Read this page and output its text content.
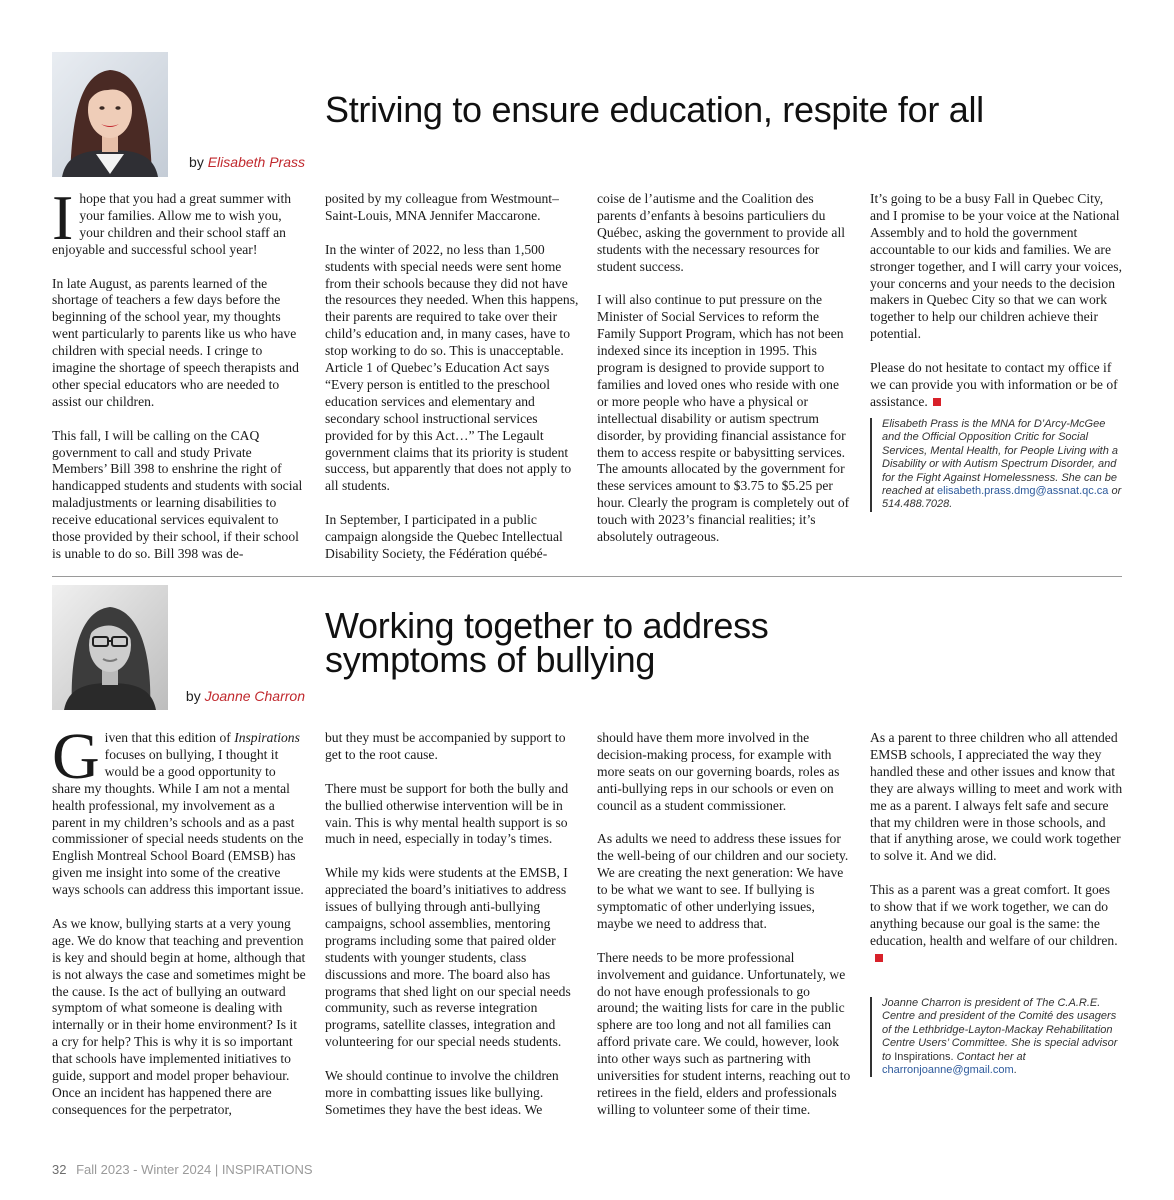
by Elisabeth Prass
Striving to ensure education, respite for all

Ihope that you had a great summer with your families. Allow me to wish you, your children and their school staff an enjoyable and successful school year!

In late August, as parents learned of the shortage of teachers a few days before the beginning of the school year, my thoughts went particularly to parents like us who have children with special needs. I cringe to imagine the shortage of speech therapists and other special educators who are needed to assist our children.

This fall, I will be calling on the CAQ government to call and study Private Members’ Bill 398 to enshrine the right of handicapped students and students with social maladjustments or learning disabilities to receive educational services equivalent to those provided by their school, if their school is unable to do so. Bill 398 was de-

posited by my colleague from Westmount–Saint-Louis, MNA Jennifer Maccarone.

In the winter of 2022, no less than 1,500 students with special needs were sent home from their schools because they did not have the resources they needed. When this happens, their parents are required to take over their child’s education and, in many cases, have to stop working to do so. This is unacceptable. Article 1 of Quebec’s Education Act says “Every person is entitled to the preschool education services and elementary and secondary school instructional services provided for by this Act…” The Legault government claims that its priority is student success, but apparently that does not apply to all students.

In September, I participated in a public campaign alongside the Quebec Intellectual Disability Society, the Fédération québé-

coise de l’autisme and the Coalition des parents d’enfants à besoins particuliers du Québec, asking the government to provide all students with the necessary resources for student success.

I will also continue to put pressure on the Minister of Social Services to reform the Family Support Program, which has not been indexed since its inception in 1995. This program is designed to provide support to families and loved ones who reside with one or more people who have a physical or intellectual disability or autism spectrum disorder, by providing financial assistance for them to access respite or babysitting services. The amounts allocated by the government for these services amount to $3.75 to $5.25 per hour. Clearly the program is completely out of touch with 2023’s financial realities; it’s absolutely outrageous.

It’s going to be a busy Fall in Quebec City, and I promise to be your voice at the National Assembly and to hold the government accountable to our kids and families. We are stronger together, and I will carry your voices, your concerns and your needs to the decision makers in Quebec City so that we can work together to help our children achieve their potential.

Please do not hesitate to contact my office if we can provide you with information or be of assistance.

Elisabeth Prass is the MNA for D’Arcy-McGee and the Official Opposition Critic for Social Services, Mental Health, for People Living with a Disability or with Autism Spectrum Disorder, and for the Fight Against Homelessness. She can be reached at elisabeth.prass.dmg@assnat.qc.ca or 514.488.7028.
by Joanne Charron
Working together to address
symptoms of bullying

Given that this edition of Inspirations focuses on bullying, I thought it would be a good opportunity to share my thoughts. While I am not a mental health professional, my involvement as a parent in my children’s schools and as a past commissioner of special needs students on the English Montreal School Board (EMSB) has given me insight into some of the creative ways schools can address this important issue.

As we know, bullying starts at a very young age. We do know that teaching and prevention is key and should begin at home, although that is not always the case and sometimes might be the cause. Is the act of bullying an outward symptom of what someone is dealing with internally or in their home environment? Is it a cry for help? This is why it is so important that schools have implemented initiatives to guide, support and model proper behaviour. Once an incident has happened there are consequences for the perpetrator,

but they must be accompanied by support to get to the root cause.

There must be support for both the bully and the bullied otherwise intervention will be in vain. This is why mental health support is so much in need, especially in today’s times.

While my kids were students at the EMSB, I appreciated the board’s initiatives to address issues of bullying through anti-bullying campaigns, school assemblies, mentoring programs including some that paired older students with younger students, class discussions and more. The board also has programs that shed light on our special needs community, such as reverse integration programs, satellite classes, integration and volunteering for our special needs students.

We should continue to involve the children more in combatting issues like bullying. Sometimes they have the best ideas. We

should have them more involved in the decision-making process, for example with more seats on our governing boards, roles as anti-bullying reps in our schools or even on council as a student commissioner.

As adults we need to address these issues for the well-being of our children and our society. We are creating the next generation: We have to be what we want to see. If bullying is symptomatic of other underlying issues, maybe we need to address that.

There needs to be more professional involvement and guidance. Unfortunately, we do not have enough professionals to go around; the waiting lists for care in the public sphere are too long and not all families can afford private care. We could, however, look into other ways such as partnering with universities for student interns, reaching out to retirees in the field, elders and professionals willing to volunteer some of their time.

As a parent to three children who all attended EMSB schools, I appreciated the way they handled these and other issues and know that they are always willing to meet and work with me as a parent. I always felt safe and secure that my children were in those schools, and that if anything arose, we could work together to solve it. And we did.

This as a parent was a great comfort. It goes to show that if we work together, we can do anything because our goal is the same: the education, health and welfare of our children.

Joanne Charron is president of The C.A.R.E. Centre and president of the Comité des usagers of the Lethbridge-Layton-Mackay Rehabilitation Centre Users’ Committee. She is special advisor to Inspirations. Contact her at charronjoanne@gmail.com.
32 Fall 2023 - Winter 2024 | INSPIRATIONS
